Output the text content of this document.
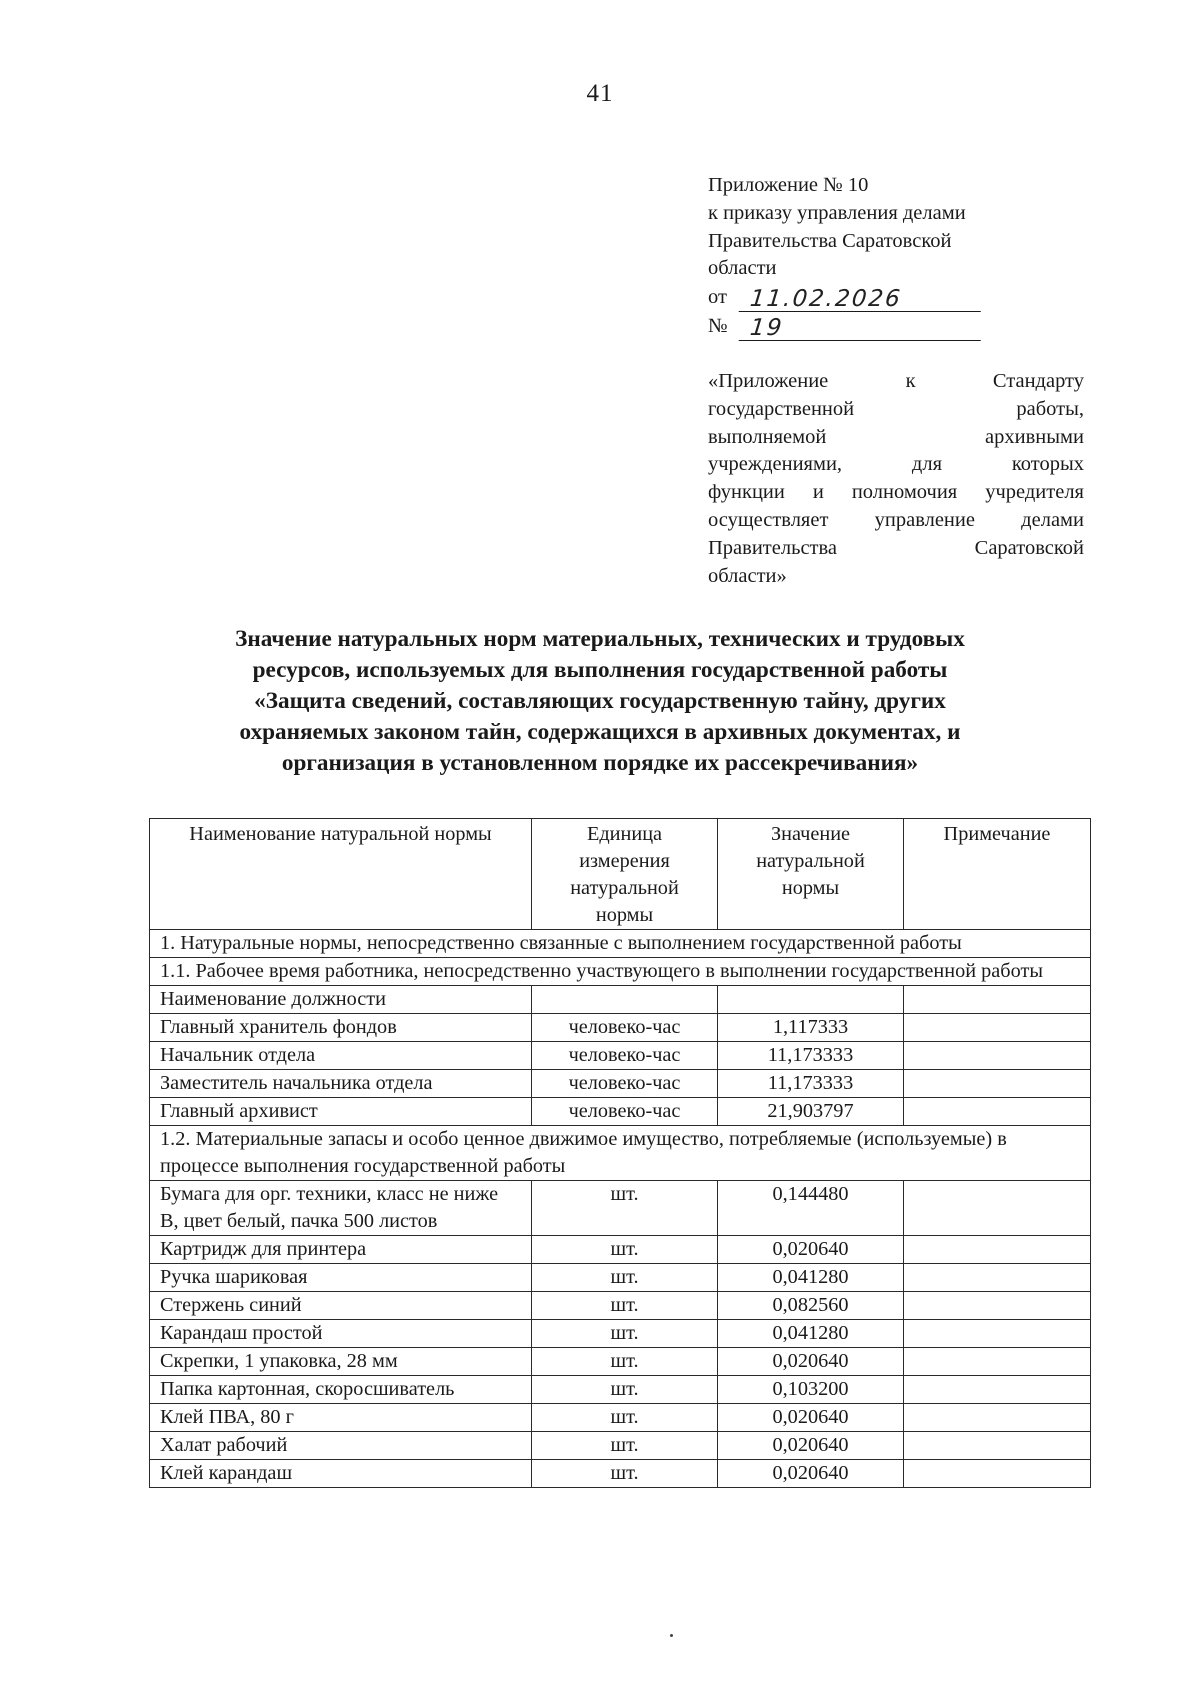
41
Приложение № 10
к приказу управления делами
Правительства Саратовской
области
от 11.02.2026
№ 19
«Приложение к Стандарту
государственной работы,
выполняемой архивными
учреждениями, для которых
функции и полномочия учредителя
осуществляет управление делами
Правительства Саратовской
области»
Значение натуральных норм материальных, технических и трудовых
ресурсов, используемых для выполнения государственной работы
«Защита сведений, составляющих государственную тайну, других
охраняемых законом тайн, содержащихся в архивных документах, и
организация в установленном порядке их рассекречивания»
Наименование натуральной нормы	Единица измерения натуральной нормы	Значение натуральной нормы	Примечание
1. Натуральные нормы, непосредственно связанные с выполнением государственной работы			
1.1. Рабочее время работника, непосредственно участвующего в выполнении государственной работы			
Наименование должности			
Главный хранитель фондов	человеко-час	1,117333	
Начальник отдела	человеко-час	11,173333	
Заместитель начальника отдела	человеко-час	11,173333	
Главный архивист	человеко-час	21,903797	
1.2. Материальные запасы и особо ценное движимое имущество, потребляемые (используемые) в процессе выполнения государственной работы			
Бумага для орг. техники, класс не ниже В, цвет белый, пачка 500 листов	шт.	0,144480	
Картридж для принтера	шт.	0,020640	
Ручка шариковая	шт.	0,041280	
Стержень синий	шт.	0,082560	
Карандаш простой	шт.	0,041280	
Скрепки, 1 упаковка, 28 мм	шт.	0,020640	
Папка картонная, скоросшиватель	шт.	0,103200	
Клей ПВА, 80 г	шт.	0,020640	
Халат рабочий	шт.	0,020640	
Клей карандаш	шт.	0,020640	
